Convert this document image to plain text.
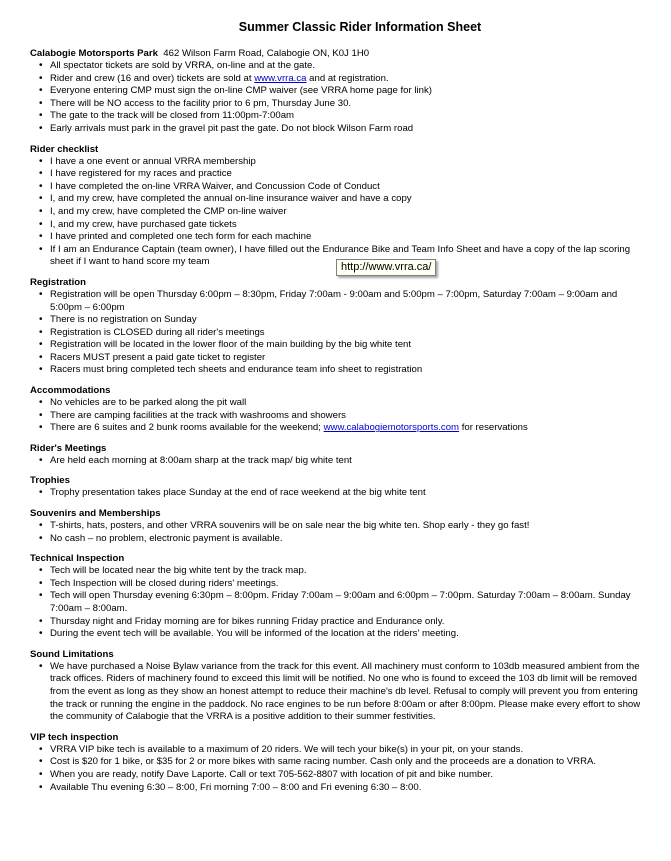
Summer Classic Rider Information Sheet
Calabogie Motorsports Park 462 Wilson Farm Road, Calabogie ON, K0J 1H0
• All spectator tickets are sold by VRRA, on-line and at the gate.
• Rider and crew (16 and over) tickets are sold at www.vrra.ca and at registration.
• Everyone entering CMP must sign the on-line CMP waiver (see VRRA home page for link)
• There will be NO access to the facility prior to 6 pm, Thursday June 30.
• The gate to the track will be closed from 11:00pm-7:00am
• Early arrivals must park in the gravel pit past the gate. Do not block Wilson Farm road
Rider checklist
• I have a one event or annual VRRA membership
• I have registered for my races and practice
• I have completed the on-line VRRA Waiver, and Concussion Code of Conduct
• I, and my crew, have completed the annual on-line insurance waiver and have a copy
• I, and my crew, have completed the CMP on-line waiver
• I, and my crew, have purchased gate tickets
• I have printed and completed one tech form for each machine
• If I am an Endurance Captain (team owner), I have filled out the Endurance Bike and Team Info Sheet and have a copy of the lap scoring sheet if I want to hand score my team
Registration
• Registration will be open Thursday 6:00pm – 8:30pm, Friday 7:00am - 9:00am and 5:00pm – 7:00pm, Saturday 7:00am – 9:00am and 5:00pm – 6:00pm
• There is no registration on Sunday
• Registration is CLOSED during all rider's meetings
• Registration will be located in the lower floor of the main building by the big white tent
• Racers MUST present a paid gate ticket to register
• Racers must bring completed tech sheets and endurance team info sheet to registration
Accommodations
• No vehicles are to be parked along the pit wall
• There are camping facilities at the track with washrooms and showers
• There are 6 suites and 2 bunk rooms available for the weekend; www.calabogiemotorsports.com for reservations
Rider's Meetings
• Are held each morning at 8:00am sharp at the track map/ big white tent
Trophies
• Trophy presentation takes place Sunday at the end of race weekend at the big white tent
Souvenirs and Memberships
• T-shirts, hats, posters, and other VRRA souvenirs will be on sale near the big white ten. Shop early - they go fast!
• No cash – no problem, electronic payment is available.
Technical Inspection
• Tech will be located near the big white tent by the track map.
• Tech Inspection will be closed during riders' meetings.
• Tech will open Thursday evening 6:30pm – 8:00pm. Friday 7:00am – 9:00am and 6:00pm – 7:00pm. Saturday 7:00am – 8:00am. Sunday 7:00am – 8:00am.
• Thursday night and Friday morning are for bikes running Friday practice and Endurance only.
• During the event tech will be available. You will be informed of the location at the riders' meeting.
Sound Limitations
• We have purchased a Noise Bylaw variance from the track for this event. All machinery must conform to 103db measured ambient from the track offices. Riders of machinery found to exceed this limit will be notified. No one who is found to exceed the 103 db limit will be removed from the event as long as they show an honest attempt to reduce their machine's db level. Refusal to comply will prevent you from entering the track or running the engine in the paddock. No race engines to be run before 8:00am or after 8:00pm. Please make every effort to show the community of Calabogie that the VRRA is a positive addition to their summer festivities.
VIP tech inspection
• VRRA VIP bike tech is available to a maximum of 20 riders. We will tech your bike(s) in your pit, on your stands.
• Cost is $20 for 1 bike, or $35 for 2 or more bikes with same racing number. Cash only and the proceeds are a donation to VRRA.
• When you are ready, notify Dave Laporte. Call or text 705-562-8807 with location of pit and bike number.
• Available Thu evening 6:30 – 8:00, Fri morning 7:00 – 8:00 and Fri evening 6:30 – 8:00.
http://www.vrra.ca/
